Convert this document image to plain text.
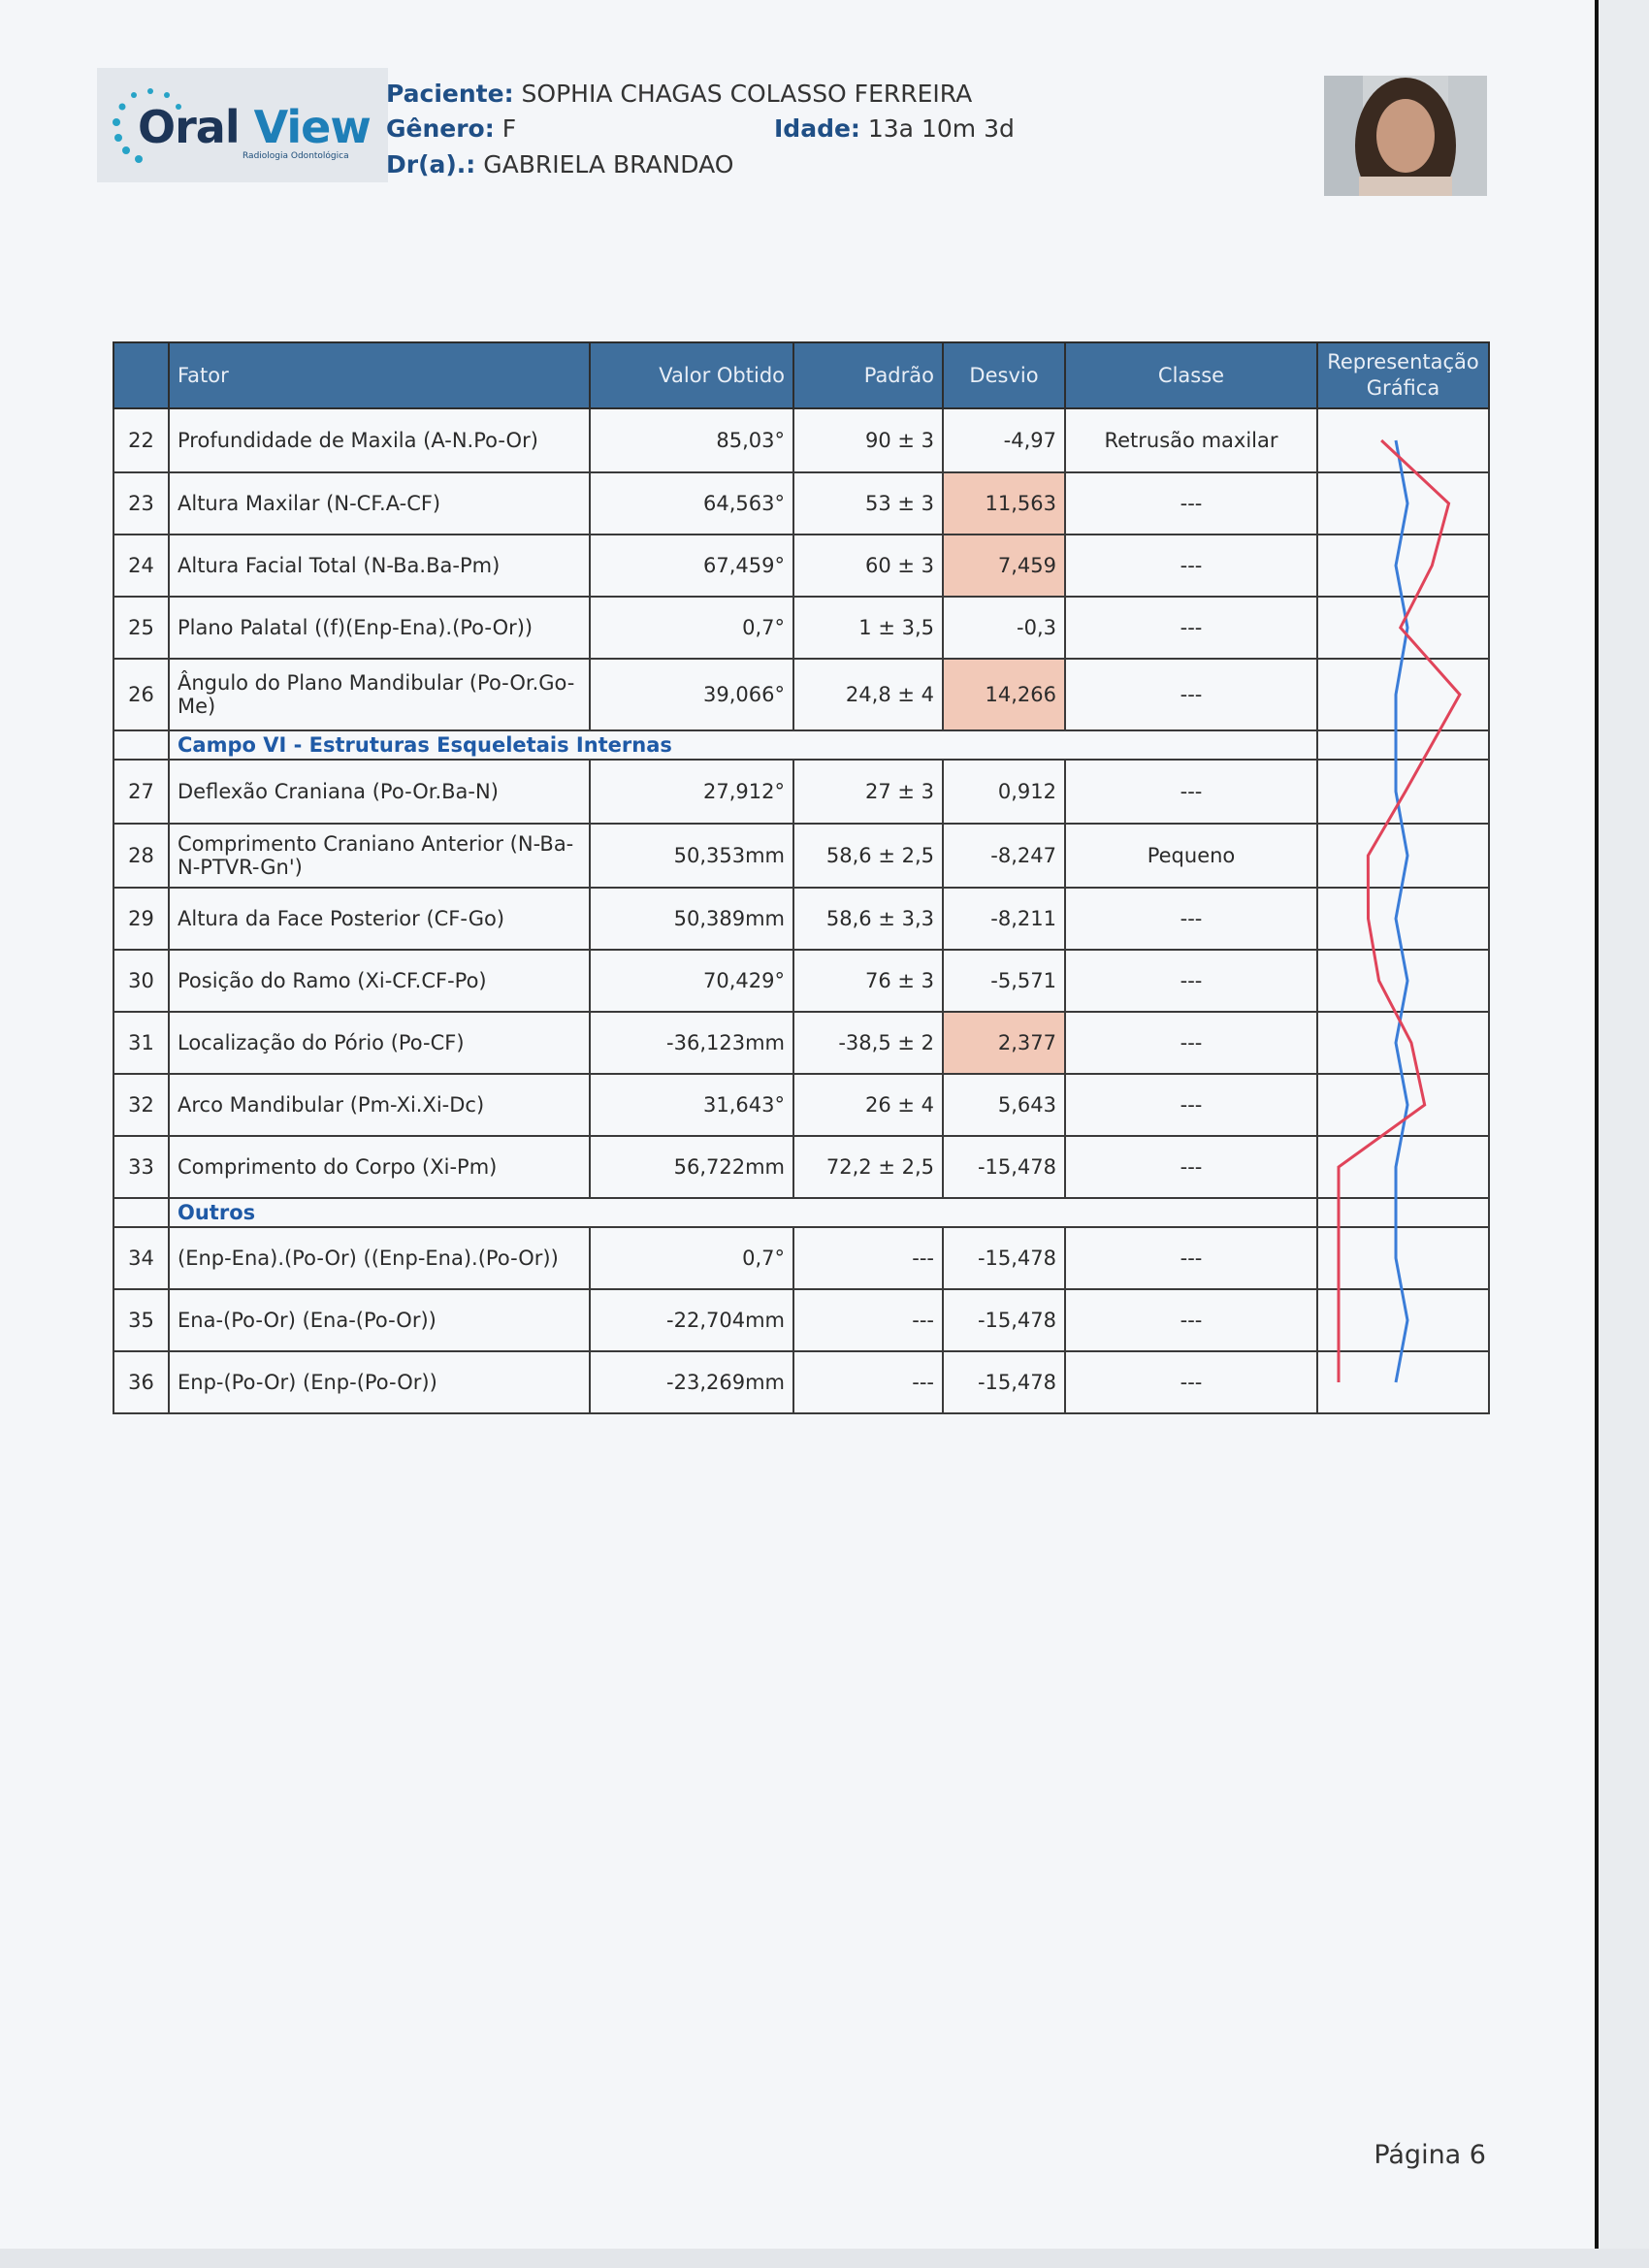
Oral View
Radiologia Odontológica
Paciente: SOPHIA CHAGAS COLASSO FERREIRA
Gênero: F	Idade: 13a 10m 3d
Dr(a).: GABRIELA BRANDAO
	Fator	Valor Obtido	Padrão	Desvio	Classe	Representação Gráfica
22	Profundidade de Maxila (A-N.Po-Or)	85,03°	90 ± 3	-4,97	Retrusão maxilar	
23	Altura Maxilar (N-CF.A-CF)	64,563°	53 ± 3	11,563	---	
24	Altura Facial Total (N-Ba.Ba-Pm)	67,459°	60 ± 3	7,459	---	
25	Plano Palatal ((f)(Enp-Ena).(Po-Or))	0,7°	1 ± 3,5	-0,3	---	
26	Ângulo do Plano Mandibular (Po-Or.Go-Me)	39,066°	24,8 ± 4	14,266	---	
	Campo VI - Estruturas Esqueletais Internas					
27	Deflexão Craniana (Po-Or.Ba-N)	27,912°	27 ± 3	0,912	---	
28	Comprimento Craniano Anterior (N-Ba-N-PTVR-Gn')	50,353mm	58,6 ± 2,5	-8,247	Pequeno	
29	Altura da Face Posterior (CF-Go)	50,389mm	58,6 ± 3,3	-8,211	---	
30	Posição do Ramo (Xi-CF.CF-Po)	70,429°	76 ± 3	-5,571	---	
31	Localização do Pório (Po-CF)	-36,123mm	-38,5 ± 2	2,377	---	
32	Arco Mandibular (Pm-Xi.Xi-Dc)	31,643°	26 ± 4	5,643	---	
33	Comprimento do Corpo (Xi-Pm)	56,722mm	72,2 ± 2,5	-15,478	---	
	Outros					
34	(Enp-Ena).(Po-Or) ((Enp-Ena).(Po-Or))	0,7°	---	-15,478	---	
35	Ena-(Po-Or) (Ena-(Po-Or))	-22,704mm	---	-15,478	---	
36	Enp-(Po-Or) (Enp-(Po-Or))	-23,269mm	---	-15,478	---	
Página 6
